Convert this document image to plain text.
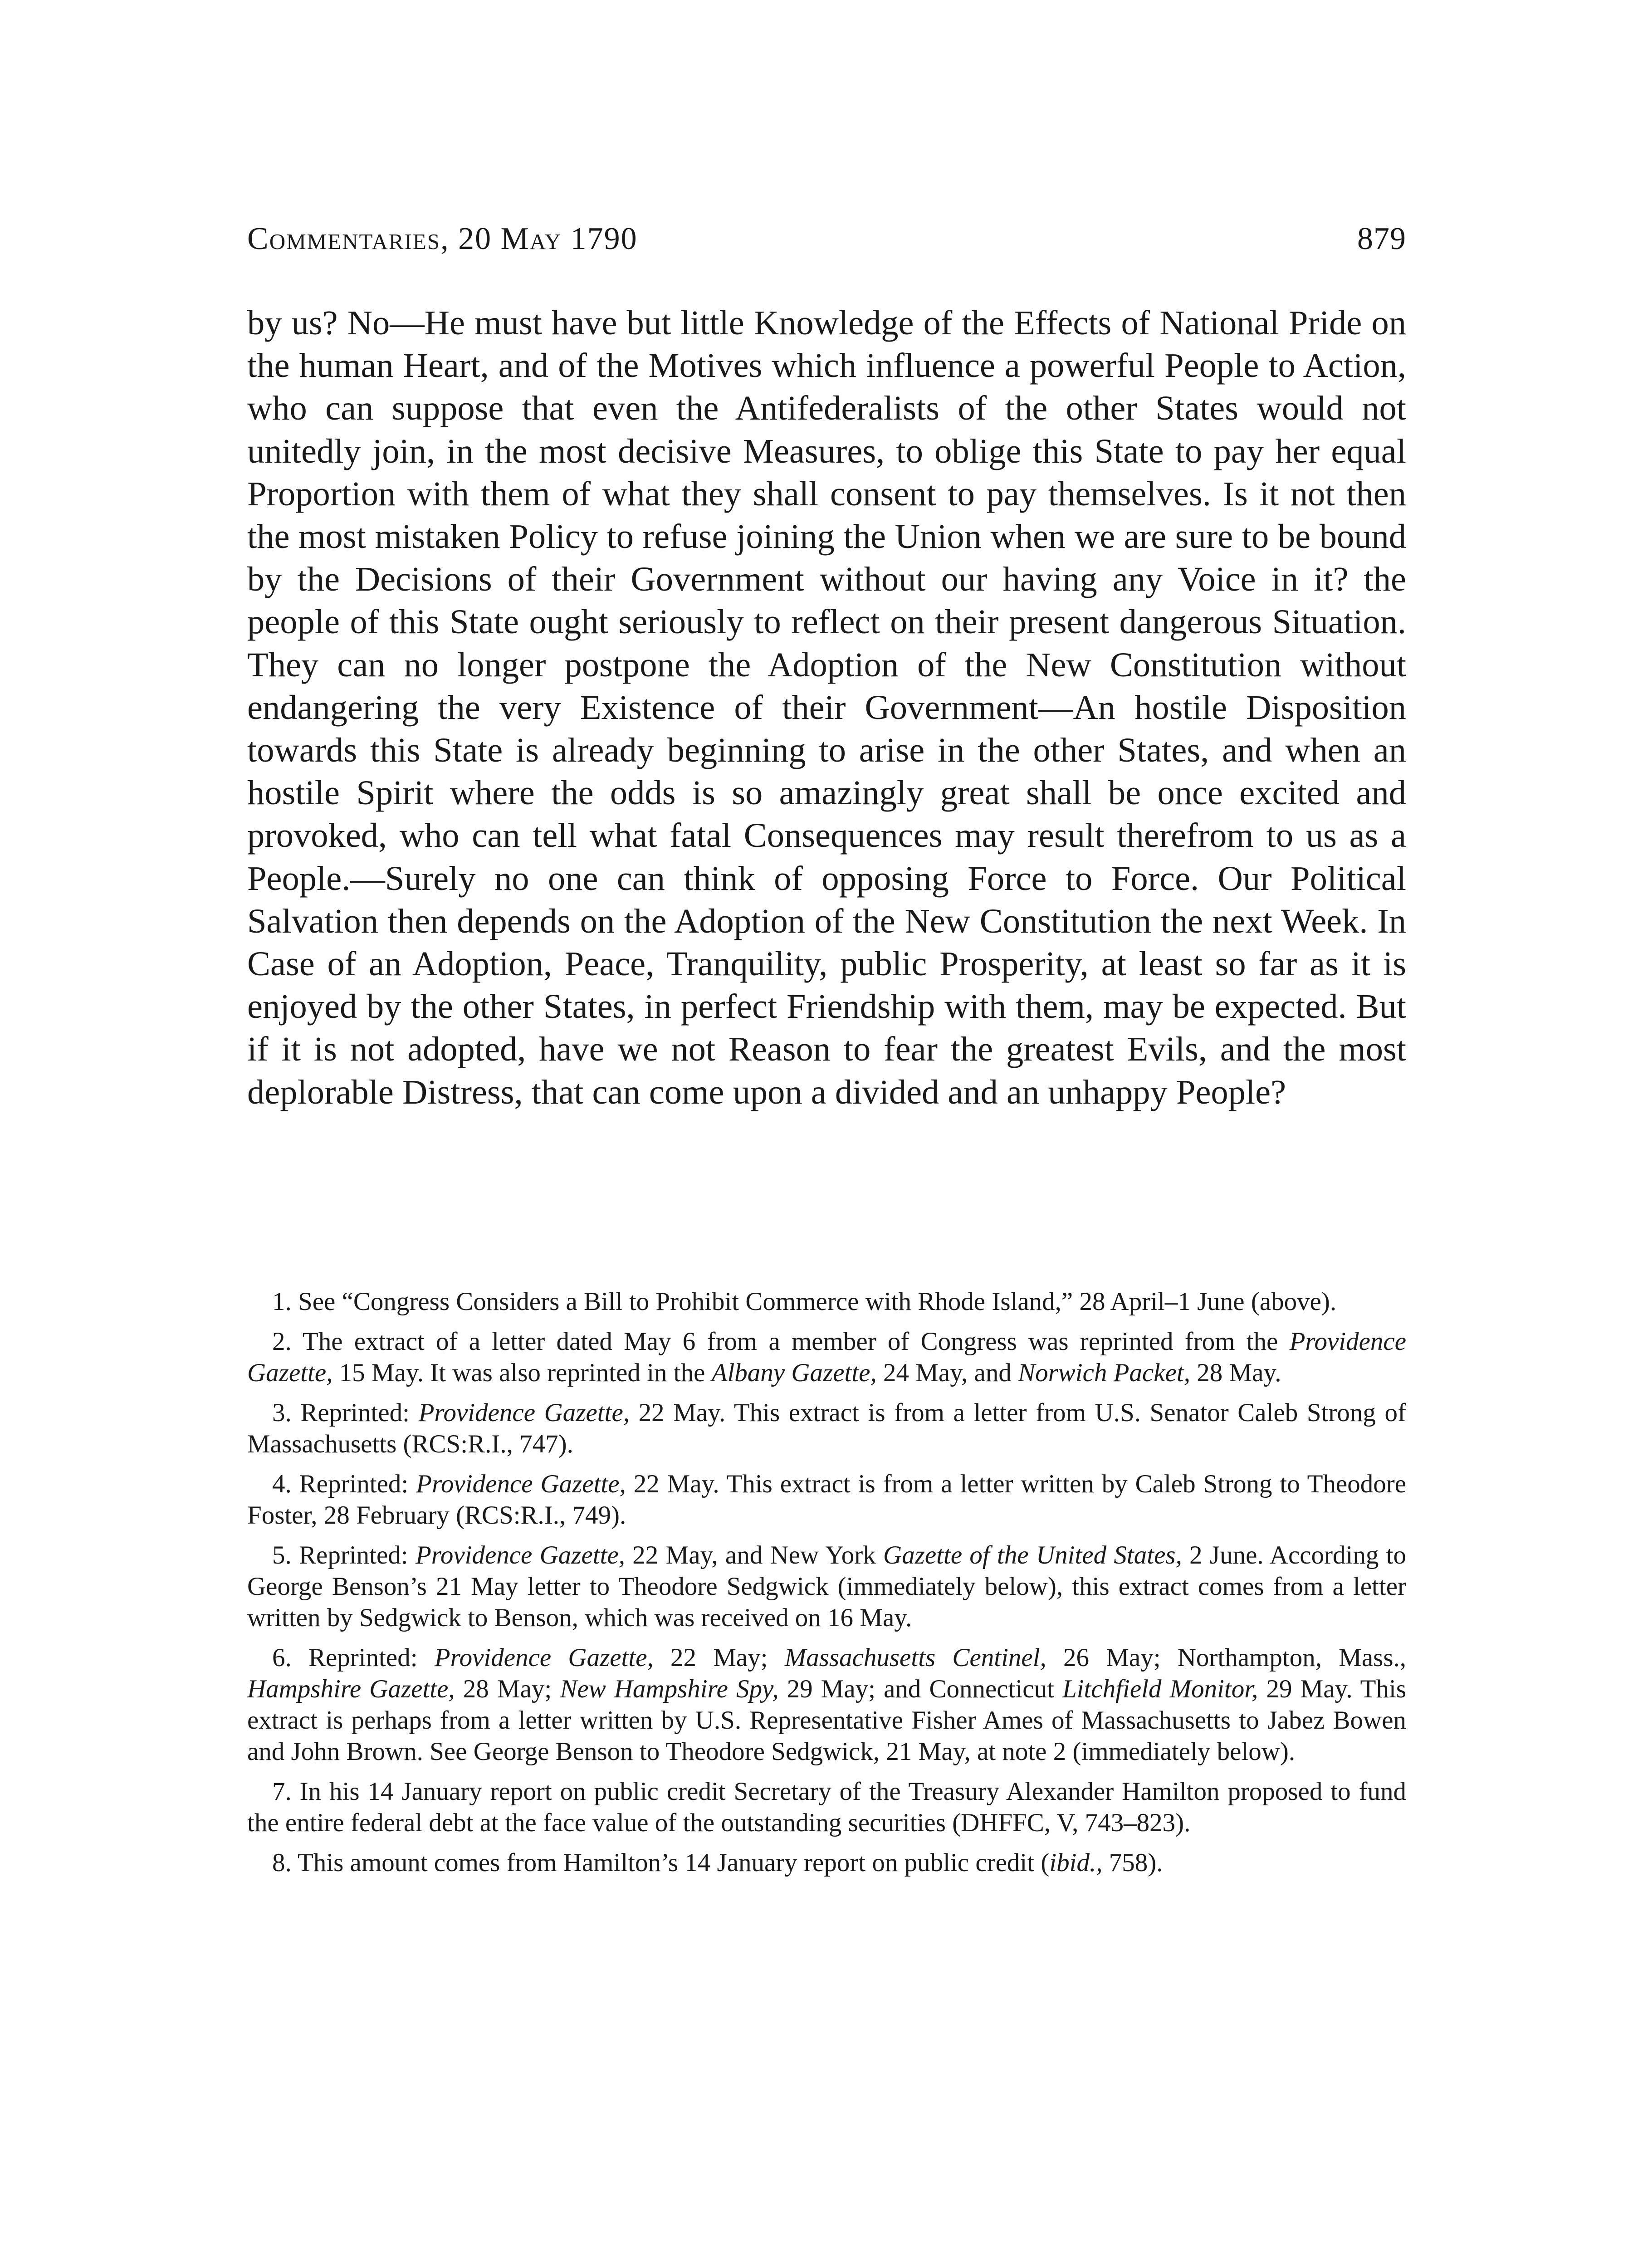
Commentaries, 20 May 1790	879

by us? No—He must have but little Knowledge of the Effects of National Pride on the human Heart, and of the Motives which influence a powerful People to Action, who can suppose that even the Antifederalists of the other States would not unitedly join, in the most decisive Measures, to oblige this State to pay her equal Proportion with them of what they shall consent to pay themselves. Is it not then the most mistaken Policy to refuse joining the Union when we are sure to be bound by the Decisions of their Government without our having any Voice in it? the people of this State ought seriously to reflect on their present dangerous Situation. They can no longer postpone the Adoption of the New Constitution without endangering the very Existence of their Government—An hostile Disposition towards this State is already beginning to arise in the other States, and when an hostile Spirit where the odds is so amazingly great shall be once excited and provoked, who can tell what fatal Consequences may result therefrom to us as a People.—Surely no one can think of opposing Force to Force. Our Political Salvation then depends on the Adoption of the New Constitution the next Week. In Case of an Adoption, Peace, Tranquility, public Prosperity, at least so far as it is enjoyed by the other States, in perfect Friendship with them, may be expected. But if it is not adopted, have we not Reason to fear the greatest Evils, and the most deplorable Distress, that can come upon a divided and an unhappy People?

1. See “Congress Considers a Bill to Prohibit Commerce with Rhode Island,” 28 April–1 June (above).

2. The extract of a letter dated May 6 from a member of Congress was reprinted from the Providence Gazette, 15 May. It was also reprinted in the Albany Gazette, 24 May, and Norwich Packet, 28 May.

3. Reprinted: Providence Gazette, 22 May. This extract is from a letter from U.S. Senator Caleb Strong of Massachusetts (RCS:R.I., 747).

4. Reprinted: Providence Gazette, 22 May. This extract is from a letter written by Caleb Strong to Theodore Foster, 28 February (RCS:R.I., 749).

5. Reprinted: Providence Gazette, 22 May, and New York Gazette of the United States, 2 June. According to George Benson’s 21 May letter to Theodore Sedgwick (immediately below), this extract comes from a letter written by Sedgwick to Benson, which was received on 16 May.

6. Reprinted: Providence Gazette, 22 May; Massachusetts Centinel, 26 May; Northampton, Mass., Hampshire Gazette, 28 May; New Hampshire Spy, 29 May; and Connecticut Litchfield Monitor, 29 May. This extract is perhaps from a letter written by U.S. Representative Fisher Ames of Massachusetts to Jabez Bowen and John Brown. See George Benson to Theodore Sedgwick, 21 May, at note 2 (immediately below).

7. In his 14 January report on public credit Secretary of the Treasury Alexander Hamilton proposed to fund the entire federal debt at the face value of the outstanding securities (DHFFC, V, 743–823).

8. This amount comes from Hamilton’s 14 January report on public credit (ibid., 758).
